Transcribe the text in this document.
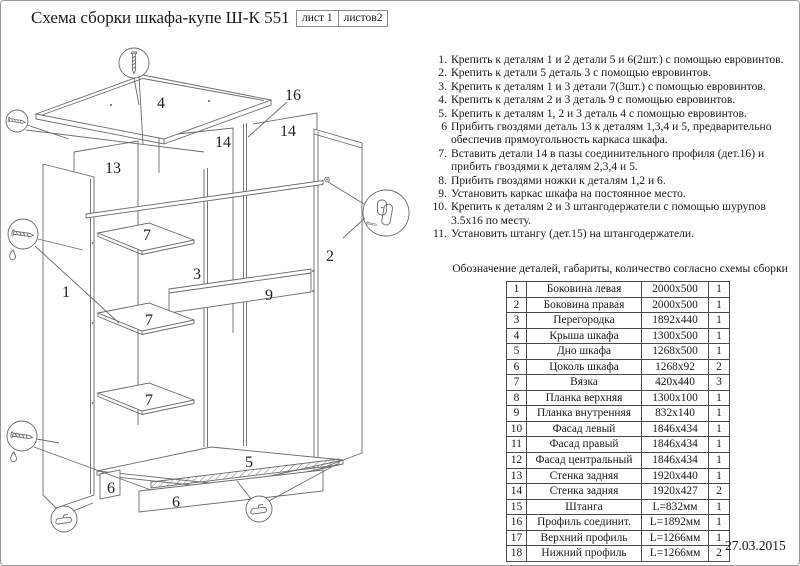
Схема сборки шкафа-купе Ш-К 551	лист 1 листов2
4	16
14
14
13
7
7
7
1
2
3
9
5
6
6
1. Крепить к деталям 1 и 2 детали 5 и 6(2шт.) с помощью евровинтов.
2. Крепить к детали 5 деталь 3 с помощью евровинтов.
3. Крепить к деталям 1 и 3 детали 7(3шт.) с помощью евровинтов.
4. Крепить к деталям 2 и 3 деталь 9 с помощью евровинтов.
5. Крепить к деталям 1, 2 и 3 деталь 4 с помощью евровинтов.
6 Прибить гвоздями деталь 13 к деталям 1,3,4 и 5, предварительно обеспечив прямоугольность каркаса шкафа.
7. Вставить детали 14 в пазы соединительного профиля (дет.16) и прибить гвоздями к деталям 2,3,4 и 5.
8. Прибить гвоздями ножки к деталям 1,2 и 6.
9. Установить каркас шкафа на постоянное место.
10. Крепить к деталям 2 и 3 штангодержатели с помощью шурупов 3.5x16 по месту.
11. Установить штангу (дет.15) на штангодержатели.
Обозначение деталей, габариты, количество согласно схемы сборки
1	Боковина левая	2000x500	1
2	Боковина правая	2000x500	1
3	Перегородка	1892x440	1
4	Крыша шкафа	1300x500	1
5	Дно шкафа	1268x500	1
6	Цоколь шкафа	1268x92	2
7	Вязка	420x440	3
8	Планка верхняя	1300x100	1
9	Планка внутренняя	832x140	1
10	Фасад левый	1846x434	1
11	Фасад правый	1846x434	1
12	Фасад центральный	1846x434	1
13	Стенка задняя	1920x440	1
14	Стенка задняя	1920x427	2
15	Штанга	L=832мм	1
16	Профиль соединит.	L=1892мм	1
17	Верхний профиль	L=1266мм	1
18	Нижний профиль	L=1266мм	2
27.03.2015
